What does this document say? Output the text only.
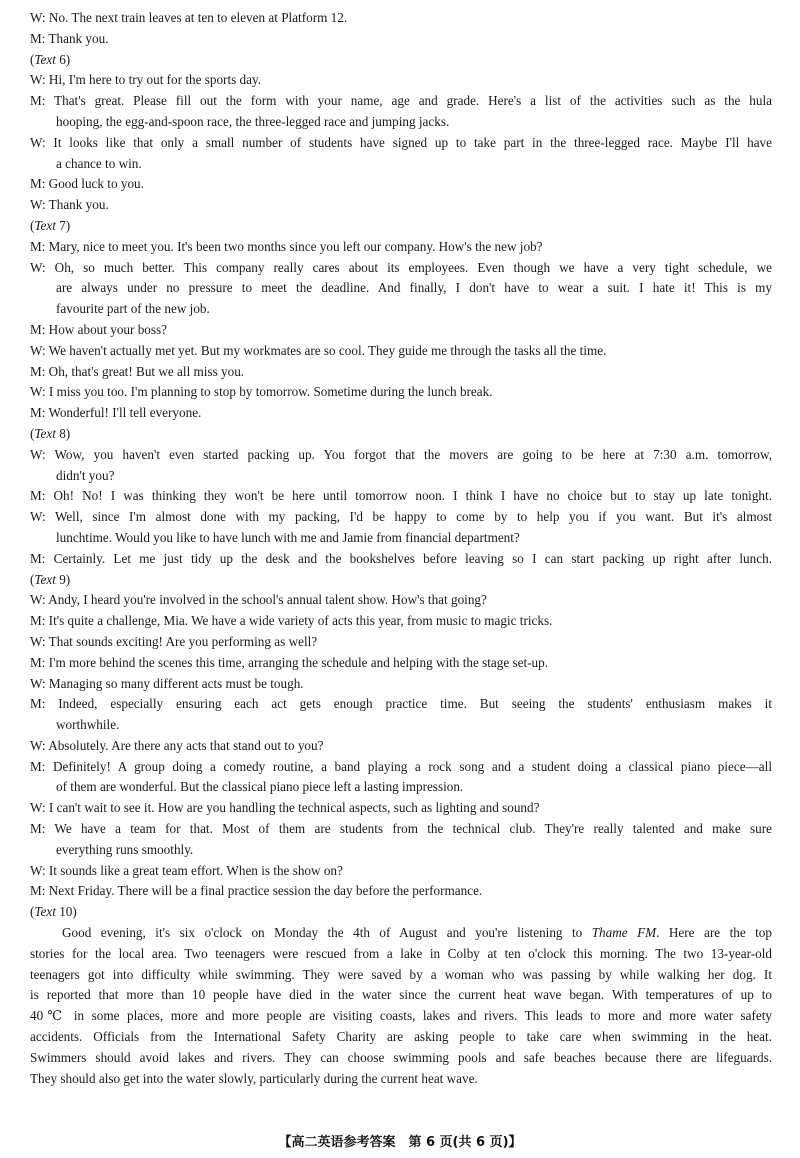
W: No. The next train leaves at ten to eleven at Platform 12.
M: Thank you.
(Text 6)
W: Hi, I'm here to try out for the sports day.
M: That's great. Please fill out the form with your name, age and grade. Here's a list of the activities such as the hula
hooping, the egg-and-spoon race, the three-legged race and jumping jacks.
W: It looks like that only a small number of students have signed up to take part in the three-legged race. Maybe I'll have
a chance to win.
M: Good luck to you.
W: Thank you.
(Text 7)
M: Mary, nice to meet you. It's been two months since you left our company. How's the new job?
W: Oh, so much better. This company really cares about its employees. Even though we have a very tight schedule, we
are always under no pressure to meet the deadline. And finally, I don't have to wear a suit. I hate it! This is my
favourite part of the new job.
M: How about your boss?
W: We haven't actually met yet. But my workmates are so cool. They guide me through the tasks all the time.
M: Oh, that's great! But we all miss you.
W: I miss you too. I'm planning to stop by tomorrow. Sometime during the lunch break.
M: Wonderful! I'll tell everyone.
(Text 8)
W: Wow, you haven't even started packing up. You forgot that the movers are going to be here at 7:30 a.m. tomorrow,
didn't you?
M: Oh! No! I was thinking they won't be here until tomorrow noon. I think I have no choice but to stay up late tonight.
W: Well, since I'm almost done with my packing, I'd be happy to come by to help you if you want. But it's almost
lunchtime. Would you like to have lunch with me and Jamie from financial department?
M: Certainly. Let me just tidy up the desk and the bookshelves before leaving so I can start packing up right after lunch.
(Text 9)
W: Andy, I heard you're involved in the school's annual talent show. How's that going?
M: It's quite a challenge, Mia. We have a wide variety of acts this year, from music to magic tricks.
W: That sounds exciting! Are you performing as well?
M: I'm more behind the scenes this time, arranging the schedule and helping with the stage set-up.
W: Managing so many different acts must be tough.
M: Indeed, especially ensuring each act gets enough practice time. But seeing the students' enthusiasm makes it
worthwhile.
W: Absolutely. Are there any acts that stand out to you?
M: Definitely! A group doing a comedy routine, a band playing a rock song and a student doing a classical piano piece—all
of them are wonderful. But the classical piano piece left a lasting impression.
W: I can't wait to see it. How are you handling the technical aspects, such as lighting and sound?
M: We have a team for that. Most of them are students from the technical club. They're really talented and make sure
everything runs smoothly.
W: It sounds like a great team effort. When is the show on?
M: Next Friday. There will be a final practice session the day before the performance.
(Text 10)
Good evening, it's six o'clock on Monday the 4th of August and you're listening to Thame FM. Here are the top
stories for the local area. Two teenagers were rescued from a lake in Colby at ten o'clock this morning. The two 13-year-old
teenagers got into difficulty while swimming. They were saved by a woman who was passing by while walking her dog. It
is reported that more than 10 people have died in the water since the current heat wave began. With temperatures of up to
40℃ in some places, more and more people are visiting coasts, lakes and rivers. This leads to more and more water safety
accidents. Officials from the International Safety Charity are asking people to take care when swimming in the heat.
Swimmers should avoid lakes and rivers. They can choose swimming pools and safe beaches because there are lifeguards.
They should also get into the water slowly, particularly during the current heat wave.
【高二英语参考答案　第 6 页(共 6 页)】
